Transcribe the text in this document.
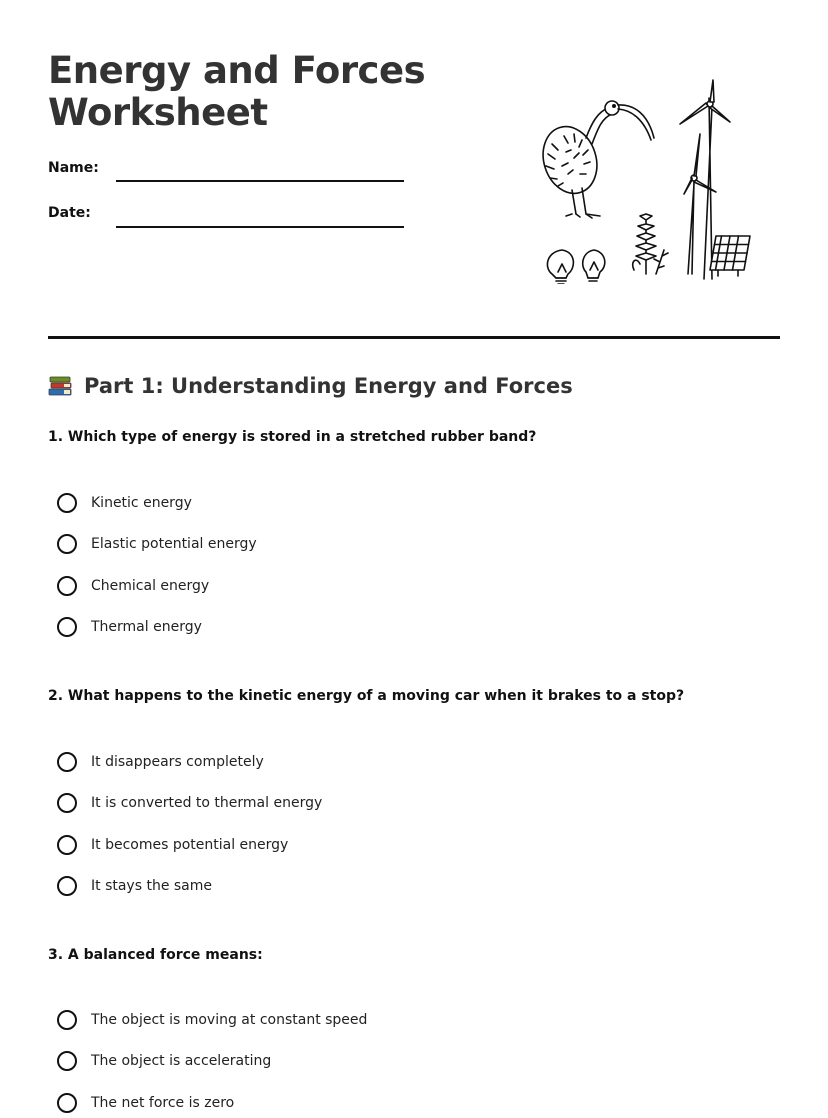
Energy and Forces
Worksheet
Name:
Date:
Part 1: Understanding Energy and Forces
1. Which type of energy is stored in a stretched rubber band?
Kinetic energy
Elastic potential energy
Chemical energy
Thermal energy
2. What happens to the kinetic energy of a moving car when it brakes to a stop?
It disappears completely
It is converted to thermal energy
It becomes potential energy
It stays the same
3. A balanced force means:
The object is moving at constant speed
The object is accelerating
The net force is zero
